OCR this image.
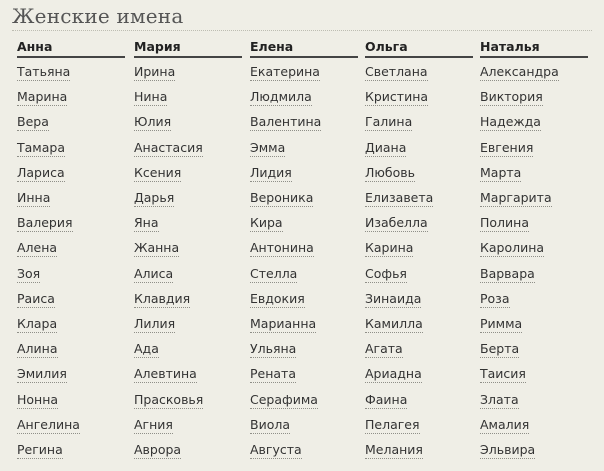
Женские имена
Анна
Татьяна
Марина
Вера
Тамара
Лариса
Инна
Валерия
Алена
Зоя
Раиса
Клара
Алина
Эмилия
Нонна
Ангелина
Регина
Мария
Ирина
Нина
Юлия
Анастасия
Ксения
Дарья
Яна
Жанна
Алиса
Клавдия
Лилия
Ада
Алевтина
Прасковья
Агния
Аврора
Елена
Екатерина
Людмила
Валентина
Эмма
Лидия
Вероника
Кира
Антонина
Стелла
Евдокия
Марианна
Ульяна
Рената
Серафима
Виола
Августа
Ольга
Светлана
Кристина
Галина
Диана
Любовь
Елизавета
Изабелла
Карина
Софья
Зинаида
Камилла
Агата
Ариадна
Фаина
Пелагея
Мелания
Наталья
Александра
Виктория
Надежда
Евгения
Марта
Маргарита
Полина
Каролина
Варвара
Роза
Римма
Берта
Таисия
Злата
Амалия
Эльвира
